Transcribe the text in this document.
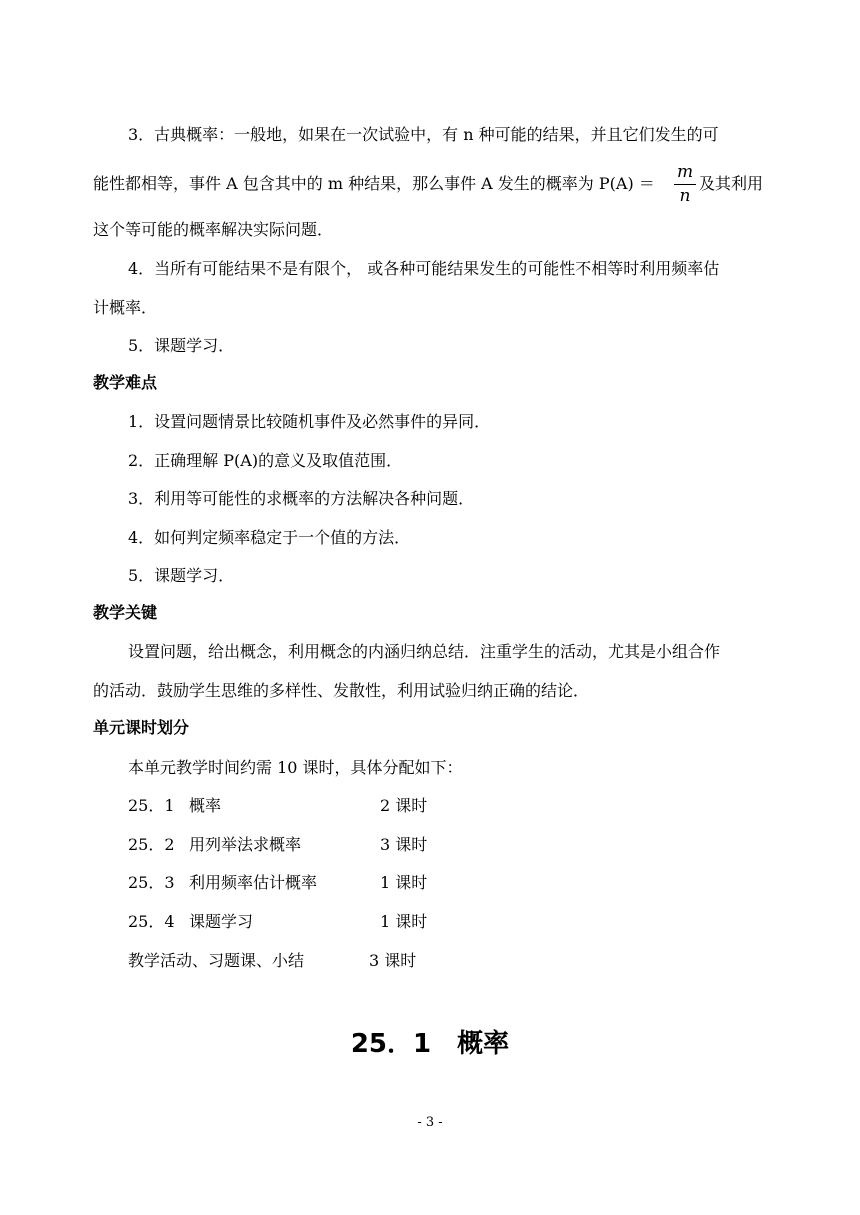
3．古典概率：一般地，如果在一次试验中，有 n 种可能的结果，并且它们发生的可
能性都相等，事件 A 包含其中的 m 种结果，那么事件 A 发生的概率为 P(A) ＝
m
n
及其利用
这个等可能的概率解决实际问题．
4．当所有可能结果不是有限个， 或各种可能结果发生的可能性不相等时利用频率估
计概率．
5．课题学习．
教学难点
1．设置问题情景比较随机事件及必然事件的异同．
2．正确理解 P(A)的意义及取值范围．
3．利用等可能性的求概率的方法解决各种问题．
4．如何判定频率稳定于一个值的方法．
5．课题学习．
教学关键
设置问题，给出概念，利用概念的内涵归纳总结．注重学生的活动，尤其是小组合作
的活动．鼓励学生思维的多样性、发散性，利用试验归纳正确的结论．
单元课时划分
本单元教学时间约需 10 课时，具体分配如下：
25．1 概率	2 课时
25．2 用列举法求概率	3 课时
25．3 利用频率估计概率	1 课时
25．4 课题学习	1 课时
教学活动、习题课、小结	3 课时
25．1 概率
- 3 -
